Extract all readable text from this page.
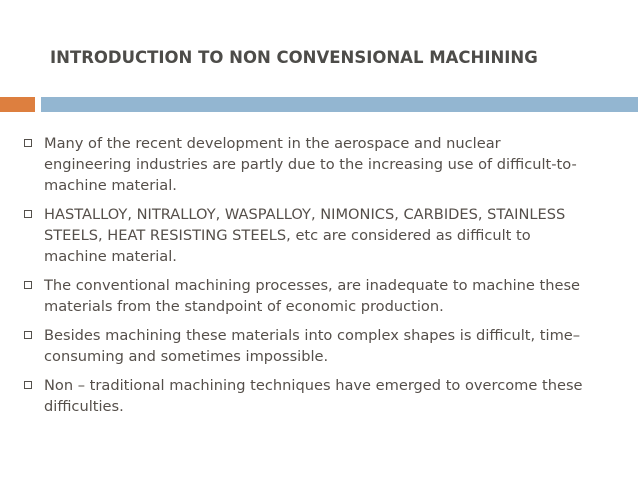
INTRODUCTION TO NON CONVENSIONAL MACHINING
Many of the recent development in the aerospace and nuclear
engineering industries are partly due to the increasing use of difficult-to-
machine material.
HASTALLOY, NITRALLOY, WASPALLOY, NIMONICS, CARBIDES, STAINLESS
STEELS, HEAT RESISTING STEELS, etc are considered as difficult to
machine material.
The conventional machining processes, are inadequate to machine these
materials from the standpoint of economic production.
Besides machining these materials into complex shapes is difficult, time–
consuming and sometimes impossible.
Non – traditional machining techniques have emerged to overcome these
difficulties.
